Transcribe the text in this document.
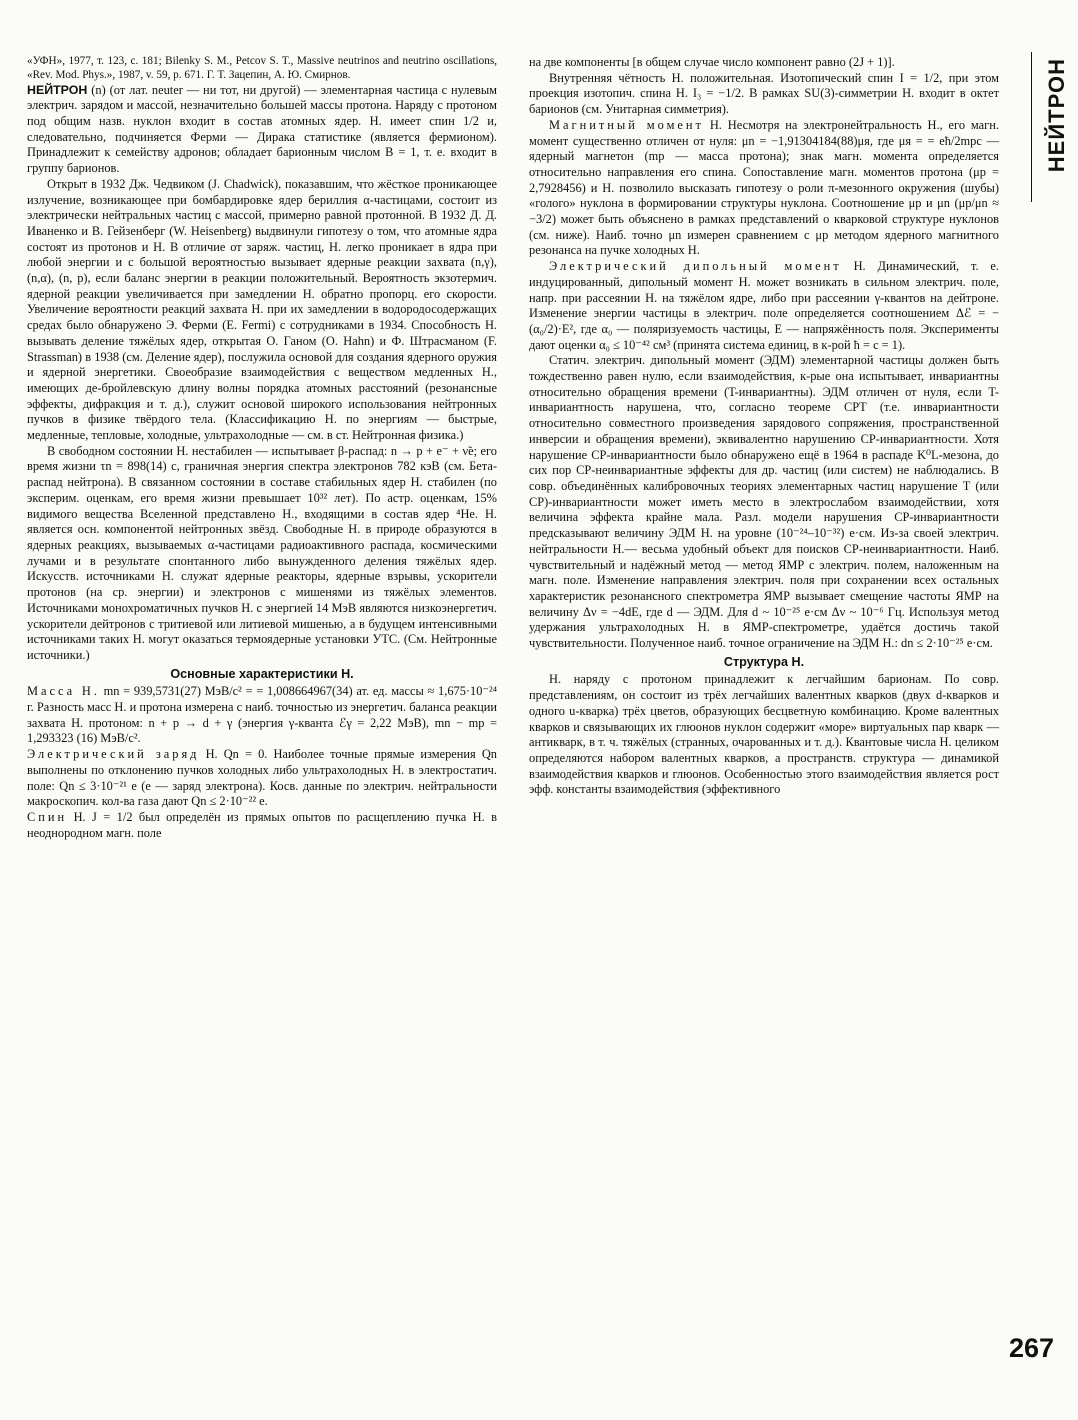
НЕЙТРОН

«УФН», 1977, т. 123, с. 181; Bilenky S. M., Petcov S. T., Massive neutrinos and neutrino oscillations, «Rev. Mod. Phys.», 1987, v. 59, p. 671. Г. Т. Зацепин, А. Ю. Смирнов.

НЕЙТРОН (n) (от лат. neuter — ни тот, ни другой) — элементарная частица с нулевым электрич. зарядом и массой, незначительно большей массы протона. Наряду с протоном под общим назв. нуклон входит в состав атомных ядер. Н. имеет спин 1/2 и, следовательно, подчиняется Ферми — Дирака статистике (является фермионом). Принадлежит к семейству адронов; обладает барионным числом B = 1, т. е. входит в группу барионов.

Открыт в 1932 Дж. Чедвиком (J. Chadwick), показавшим, что жёсткое проникающее излучение, возникающее при бомбардировке ядер бериллия α-частицами, состоит из электрически нейтральных частиц с массой, примерно равной протонной. В 1932 Д. Д. Иваненко и В. Гейзенберг (W. Heisenberg) выдвинули гипотезу о том, что атомные ядра состоят из протонов и Н. В отличие от заряж. частиц, Н. легко проникает в ядра при любой энергии и с большой вероятностью вызывает ядерные реакции захвата (n,γ), (n,α), (n, p), если баланс энергии в реакции положительный. Вероятность экзотермич. ядерной реакции увеличивается при замедлении Н. обратно пропорц. его скорости. Увеличение вероятности реакций захвата Н. при их замедлении в водородосодержащих средах было обнаружено Э. Ферми (E. Fermi) с сотрудниками в 1934. Способность Н. вызывать деление тяжёлых ядер, открытая О. Ганом (O. Hahn) и Ф. Штрасманом (F. Strassman) в 1938 (см. Деление ядер), послужила основой для создания ядерного оружия и ядерной энергетики. Своеобразие взаимодействия с веществом медленных Н., имеющих де-бройлевскую длину волны порядка атомных расстояний (резонансные эффекты, дифракция и т. д.), служит основой широкого использования нейтронных пучков в физике твёрдого тела. (Классификацию Н. по энергиям — быстрые, медленные, тепловые, холодные, ультрахолодные — см. в ст. Нейтронная физика.)

В свободном состоянии Н. нестабилен — испытывает β-распад: n → p + e⁻ + ν̃e; его время жизни τn = 898(14) с, граничная энергия спектра электронов 782 кэВ (см. Бета-распад нейтрона). В связанном состоянии в составе стабильных ядер Н. стабилен (по эксперим. оценкам, его время жизни превышает 10³² лет). По астр. оценкам, 15% видимого вещества Вселенной представлено Н., входящими в состав ядер ⁴He. Н. является осн. компонентой нейтронных звёзд. Свободные Н. в природе образуются в ядерных реакциях, вызываемых α-частицами радиоактивного распада, космическими лучами и в результате спонтанного либо вынужденного деления тяжёлых ядер. Искусств. источниками Н. служат ядерные реакторы, ядерные взрывы, ускорители протонов (на ср. энергии) и электронов с мишенями из тяжёлых элементов. Источниками монохроматичных пучков Н. с энергией 14 МэВ являются низкоэнергетич. ускорители дейтронов с тритиевой или литиевой мишенью, а в будущем интенсивными источниками таких Н. могут оказаться термоядерные установки УТС. (См. Нейтронные источники.)

Основные характеристики Н.

Масса Н. mn = 939,5731(27) МэВ/c² = = 1,008664967(34) ат. ед. массы ≈ 1,675·10⁻²⁴ г. Разность масс Н. и протона измерена с наиб. точностью из энергетич. баланса реакции захвата Н. протоном: n + p → d + γ (энергия γ-кванта ℰγ = 2,22 МэВ), mn − mp = 1,293323 (16) МэВ/c².

Электрический заряд Н. Qn = 0. Наиболее точные прямые измерения Qn выполнены по отклонению пучков холодных либо ультрахолодных Н. в электростатич. поле: Qn ≤ 3·10⁻²¹ e (e — заряд электрона). Косв. данные по электрич. нейтральности макроскопич. кол-ва газа дают Qn ≤ 2·10⁻²² e.

Спин Н. J = 1/2 был определён из прямых опытов по расщеплению пучка Н. в неоднородном магн. поле

на две компоненты [в общем случае число компонент равно (2J + 1)].

Внутренняя чётность Н. положительная. Изотопический спин I = 1/2, при этом проекция изотопич. спина Н. I₃ = −1/2. В рамках SU(3)-симметрии Н. входит в октет барионов (см. Унитарная симметрия).

Магнитный момент Н. Несмотря на электронейтральность Н., его магн. момент существенно отличен от нуля: μn = −1,91304184(88)μя, где μя = = eħ/2mpc — ядерный магнетон (mp — масса протона); знак магн. момента определяется относительно направления его спина. Сопоставление магн. моментов протона (μp = 2,7928456) и Н. позволило высказать гипотезу о роли π-мезонного окружения (шубы) «голого» нуклона в формировании структуры нуклона. Соотношение μp и μn (μp/μn ≈ −3/2) может быть объяснено в рамках представлений о кварковой структуре нуклонов (см. ниже). Наиб. точно μn измерен сравнением с μp методом ядерного магнитного резонанса на пучке холодных Н.

Электрический дипольный момент Н. Динамический, т. е. индуцированный, дипольный момент Н. может возникать в сильном электрич. поле, напр. при рассеянии Н. на тяжёлом ядре, либо при рассеянии γ-квантов на дейтроне. Изменение энергии частицы в электрич. поле определяется соотношением Δℰ = −(α₀/2)·E², где α₀ — поляризуемость частицы, E — напряжённость поля. Эксперименты дают оценки α₀ ≤ 10⁻⁴² см³ (принята система единиц, в к-рой ħ = c = 1).

Статич. электрич. дипольный момент (ЭДМ) элементарной частицы должен быть тождественно равен нулю, если взаимодействия, к-рые она испытывает, инвариантны относительно обращения времени (T-инвариантны). ЭДМ отличен от нуля, если T-инвариантность нарушена, что, согласно теореме CPT (т.е. инвариантности относительно совместного произведения зарядового сопряжения, пространственной инверсии и обращения времени), эквивалентно нарушению CP-инвариантности. Хотя нарушение CP-инвариантности было обнаружено ещё в 1964 в распаде K⁰L-мезона, до сих пор CP-неинвариантные эффекты для др. частиц (или систем) не наблюдались. В совр. объединённых калибровочных теориях элементарных частиц нарушение T (или CP)-инвариантности может иметь место в электрослабом взаимодействии, хотя величина эффекта крайне мала. Разл. модели нарушения CP-инвариантности предсказывают величину ЭДМ Н. на уровне (10⁻²⁴–10⁻³²) e·см. Из-за своей электрич. нейтральности Н.— весьма удобный объект для поисков CP-неинвариантности. Наиб. чувствительный и надёжный метод — метод ЯМР с электрич. полем, наложенным на магн. поле. Изменение направления электрич. поля при сохранении всех остальных характеристик резонансного спектрометра ЯМР вызывает смещение частоты ЯМР на величину Δν = −4dE, где d — ЭДМ. Для d ~ 10⁻²⁵ e·см Δν ~ 10⁻⁶ Гц. Используя метод удержания ультрахолодных Н. в ЯМР-спектрометре, удаётся достичь такой чувствительности. Полученное наиб. точное ограничение на ЭДМ Н.: dn ≤ 2·10⁻²⁵ e·см.

Структура Н.

Н. наряду с протоном принадлежит к легчайшим барионам. По совр. представлениям, он состоит из трёх легчайших валентных кварков (двух d-кварков и одного u-кварка) трёх цветов, образующих бесцветную комбинацию. Кроме валентных кварков и связывающих их глюонов нуклон содержит «море» виртуальных пар кварк — антикварк, в т. ч. тяжёлых (странных, очарованных и т. д.). Квантовые числа Н. целиком определяются набором валентных кварков, а пространств. структура — динамикой взаимодействия кварков и глюонов. Особенностью этого взаимодействия является рост эфф. константы взаимодействия (эффективного

267
